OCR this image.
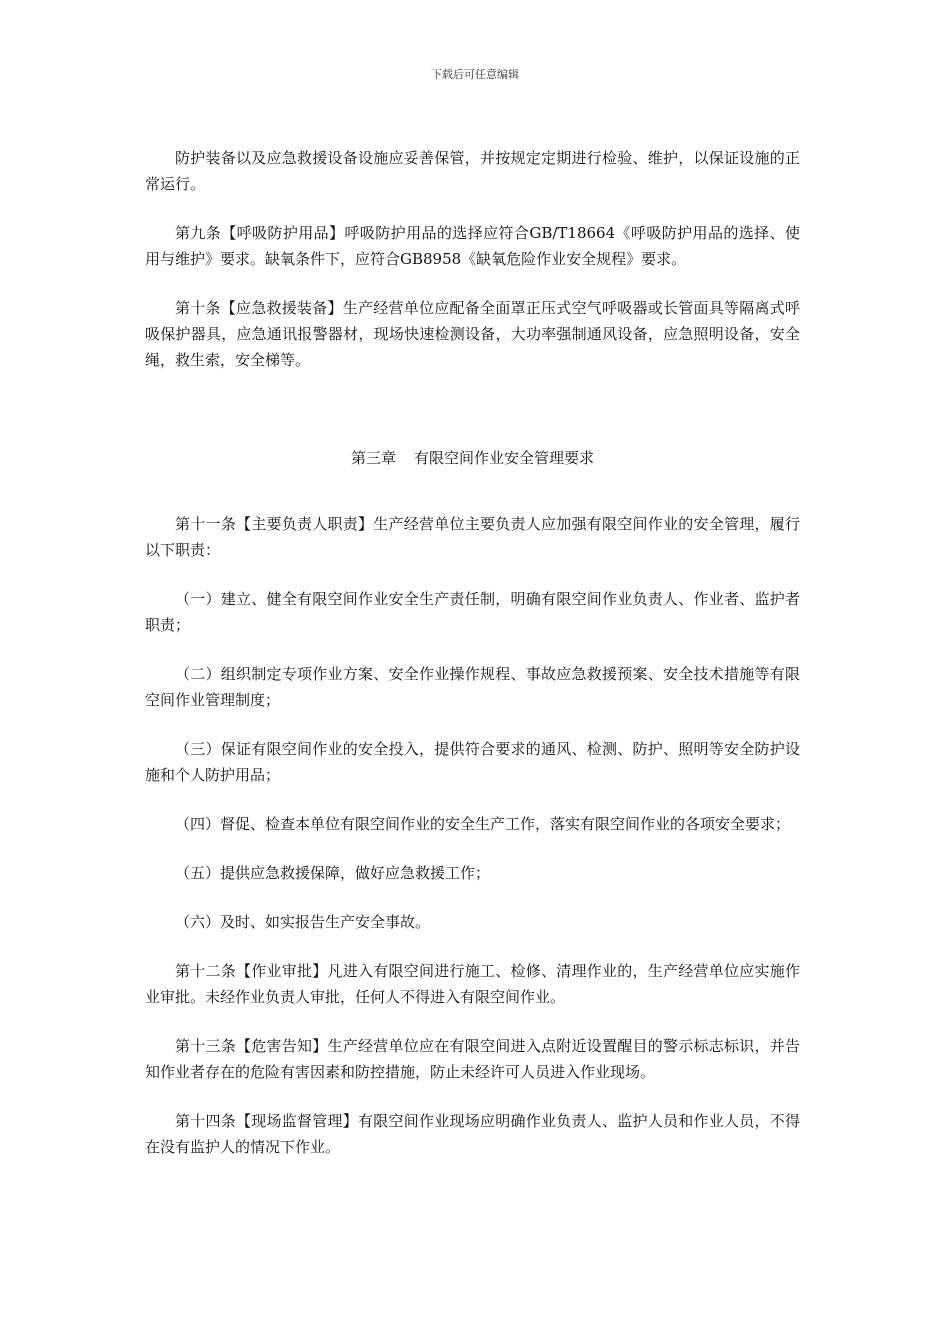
下载后可任意编辑

防护装备以及应急救援设备设施应妥善保管，并按规定定期进行检验、维护，以保证设施的正常运行。

第九条【呼吸防护用品】呼吸防护用品的选择应符合GB/T18664《呼吸防护用品的选择、使用与维护》要求。缺氧条件下，应符合GB8958《缺氧危险作业安全规程》要求。

第十条【应急救援装备】生产经营单位应配备全面罩正压式空气呼吸器或长管面具等隔离式呼吸保护器具，应急通讯报警器材，现场快速检测设备，大功率强制通风设备，应急照明设备，安全绳，救生索，安全梯等。

第三章 有限空间作业安全管理要求

第十一条【主要负责人职责】生产经营单位主要负责人应加强有限空间作业的安全管理，履行以下职责：

（一）建立、健全有限空间作业安全生产责任制，明确有限空间作业负责人、作业者、监护者职责；

（二）组织制定专项作业方案、安全作业操作规程、事故应急救援预案、安全技术措施等有限空间作业管理制度；

（三）保证有限空间作业的安全投入，提供符合要求的通风、检测、防护、照明等安全防护设施和个人防护用品；

（四）督促、检查本单位有限空间作业的安全生产工作，落实有限空间作业的各项安全要求；

（五）提供应急救援保障，做好应急救援工作；

（六）及时、如实报告生产安全事故。

第十二条【作业审批】凡进入有限空间进行施工、检修、清理作业的，生产经营单位应实施作业审批。未经作业负责人审批，任何人不得进入有限空间作业。

第十三条【危害告知】生产经营单位应在有限空间进入点附近设置醒目的警示标志标识，并告知作业者存在的危险有害因素和防控措施，防止未经许可人员进入作业现场。

第十四条【现场监督管理】有限空间作业现场应明确作业负责人、监护人员和作业人员，不得在没有监护人的情况下作业。
